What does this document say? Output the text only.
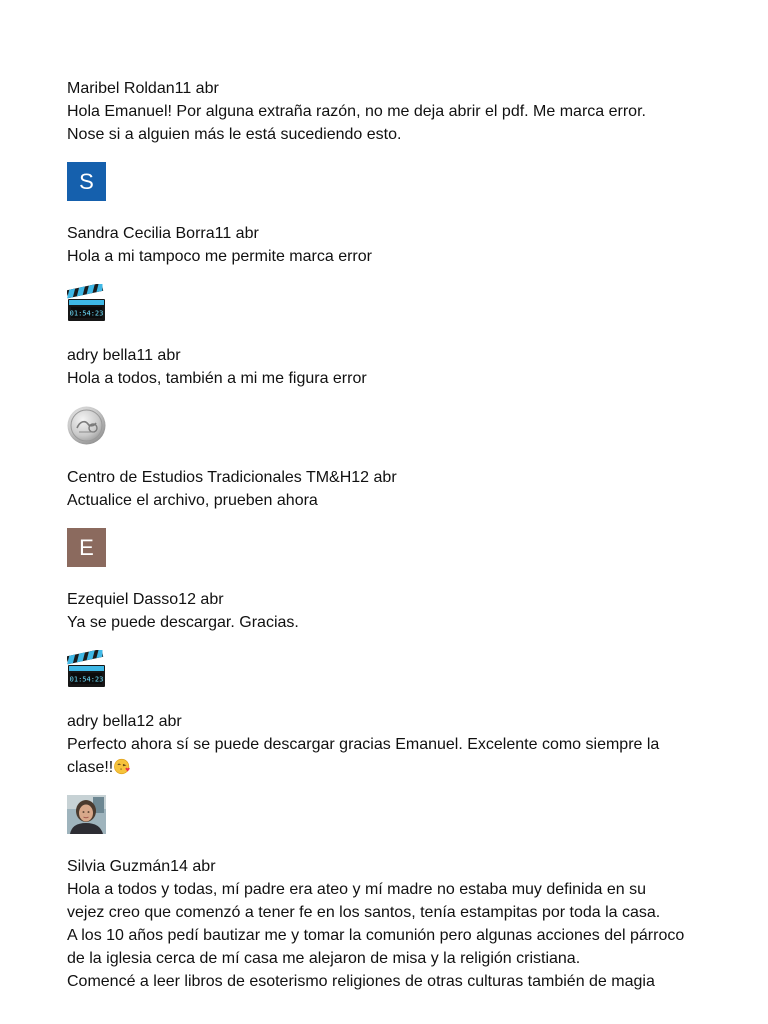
Maribel Roldan11 abr
Hola Emanuel! Por alguna extraña razón, no me deja abrir el pdf. Me marca error.
Nose si a alguien más le está sucediendo esto.
S
Sandra Cecilia Borra11 abr
Hola a mi tampoco me permite marca error
01:54:23
adry bella11 abr
Hola a todos, también a mi me figura error
Centro de Estudios Tradicionales TM&H12 abr
Actualice el archivo, prueben ahora
E
Ezequiel Dasso12 abr
Ya se puede descargar. Gracias.
01:54:23
adry bella12 abr
Perfecto ahora sí se puede descargar gracias Emanuel. Excelente como siempre la
clase!!
Silvia Guzmán14 abr
Hola a todos y todas, mí padre era ateo y mí madre no estaba muy definida en su
vejez creo que comenzó a tener fe en los santos, tenía estampitas por toda la casa.
A los 10 años pedí bautizar me y tomar la comunión pero algunas acciones del párroco
de la iglesia cerca de mí casa me alejaron de misa y la religión cristiana.
Comencé a leer libros de esoterismo religiones de otras culturas también de magia
